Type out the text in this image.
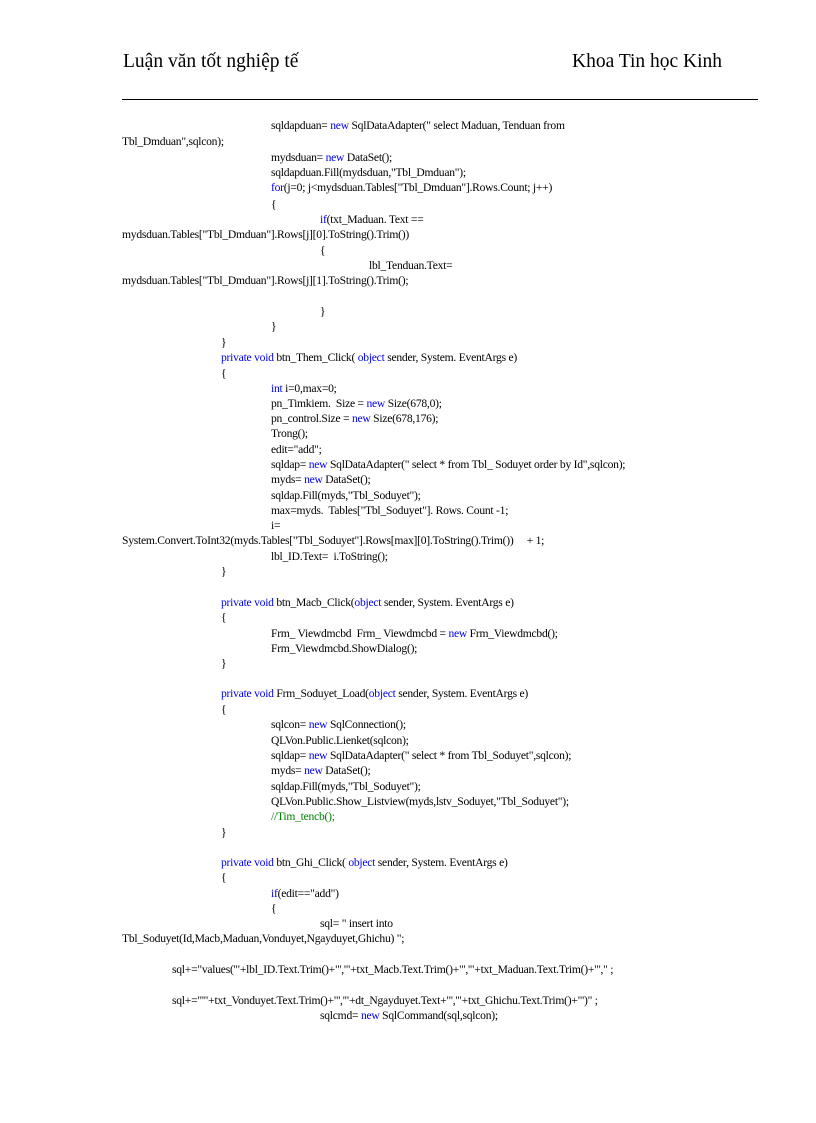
Luận văn tốt nghiệp tế	Khoa Tin học Kinh
sqldapduan= new SqlDataAdapter(" select Maduan, Tenduan from
Tbl_Dmduan",sqlcon);
mydsduan= new DataSet();
sqldapduan.Fill(mydsduan,"Tbl_Dmduan");
for(j=0; j<mydsduan.Tables["Tbl_Dmduan"].Rows.Count; j++)
{
if(txt_Maduan. Text ==
mydsduan.Tables["Tbl_Dmduan"].Rows[j][0].ToString().Trim())
{
lbl_Tenduan.Text=
mydsduan.Tables["Tbl_Dmduan"].Rows[j][1].ToString().Trim();
}
}
}
private void btn_Them_Click( object sender, System. EventArgs e)
{
int i=0,max=0;
pn_Timkiem.  Size = new Size(678,0);
pn_control.Size = new Size(678,176);
Trong();
edit="add";
sqldap= new SqlDataAdapter(" select * from Tbl_ Soduyet order by Id",sqlcon);
myds= new DataSet();
sqldap.Fill(myds,"Tbl_Soduyet");
max=myds.  Tables["Tbl_Soduyet"]. Rows. Count -1;
i=
System.Convert.ToInt32(myds.Tables["Tbl_Soduyet"].Rows[max][0].ToString().Trim())     + 1;
lbl_ID.Text=  i.ToString();
}
private void btn_Macb_Click(object sender, System. EventArgs e)
{
Frm_ Viewdmcbd  Frm_ Viewdmcbd = new Frm_Viewdmcbd();
Frm_Viewdmcbd.ShowDialog();
}
private void Frm_Soduyet_Load(object sender, System. EventArgs e)
{
sqlcon= new SqlConnection();
QLVon.Public.Lienket(sqlcon);
sqldap= new SqlDataAdapter(" select * from Tbl_Soduyet",sqlcon);
myds= new DataSet();
sqldap.Fill(myds,"Tbl_Soduyet");
QLVon.Public.Show_Listview(myds,lstv_Soduyet,"Tbl_Soduyet");
//Tim_tencb();
}
private void btn_Ghi_Click( object sender, System. EventArgs e)
{
if(edit=="add")
{
sql= " insert into
Tbl_Soduyet(Id,Macb,Maduan,Vonduyet,Ngayduyet,Ghichu) ";
sql+="values('"+lbl_ID.Text.Trim()+"','"+txt_Macb.Text.Trim()+"','"+txt_Maduan.Text.Trim()+"'," ;
sql+="'"+txt_Vonduyet.Text.Trim()+"','"+dt_Ngayduyet.Text+"','"+txt_Ghichu.Text.Trim()+"')" ;
sqlcmd= new SqlCommand(sql,sqlcon);
